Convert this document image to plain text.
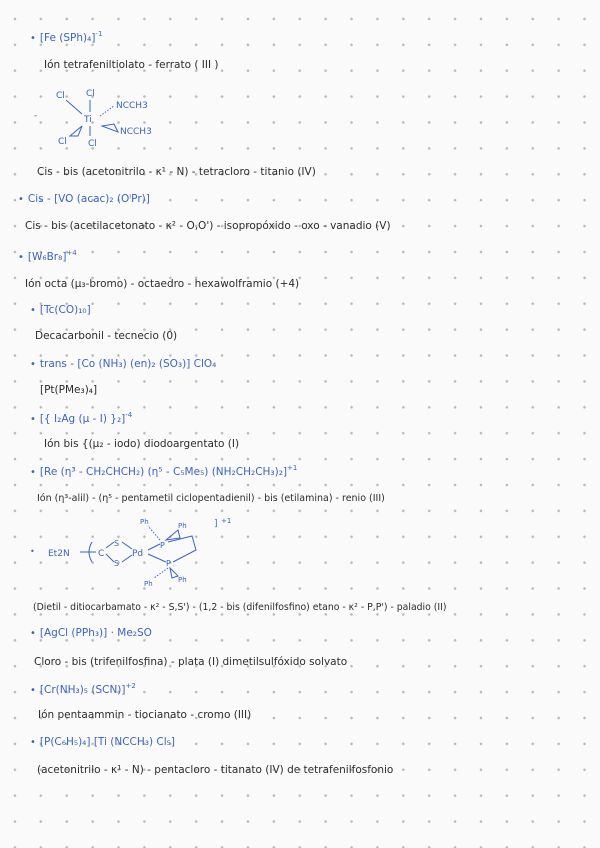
• [Fe (SPh)₄]$^{-1}$
Ión tetrafeniltiolato - ferrato ( III )
-
Cl Cl
Cl Cl
NCCH3
NCCH3
Ti
Cis - bis (acetonitrilo - κ¹ - N) - tetracloro - titanio (IV)
• Cis - [VO (acac)₂ (OⁱPr)]
Cis - bis (acetilacetonato - κ² - O,O') - isopropóxido - oxo - vanadio (V)
• $[W_6Br_8]^{+4}$
Ión octa (μ₃-bromo) - octaedro - hexawolframio (+4)
• [Tc(CO)₁₀]
Decacarbonil - tecnecio (0)
• trans - [Co (NH₃) (en)₂ (SO₃)] ClO₄
[Pt(PMe₃)₄]
• [{ I₂Ag (μ - I) }₂]$^{-4}$
Ión bis {(μ₂ - iodo) diodoargentato (I)
• [Re (η³ - CH₂CHCH₂) (η⁵ - C₅Me₅) (NH₂CH₂CH₃)₂]$^{+1}$
Ión (η³-alil) - (η⁵ - pentametil ciclopentadienil) - bis (etilamina) - renio (III)
• Et2N	C
S
S
Pd
P
P
Ph	Ph
Ph	Ph
] +1
(Dietil - ditiocarbamato - κ² - S,S') - (1,2 - bis (difenilfosfino) etano - κ² - P,P') - paladio (II)
• [AgCl (PPh₃)] · Me₂SO
Cloro - bis (trifenilfosfina) - plata (I) dimetilsulfóxido solvato
• [Cr(NH₃)₅ (SCN)]$^{+2}$
Ión pentaammin - tiocianato - cromo (III)
• [P(C₆H₅)₄] [Ti (NCCH₃) Cl₅]
(acetonitrilo - κ¹ - N) - pentacloro - titanato (IV) de tetrafenilfosfonio
